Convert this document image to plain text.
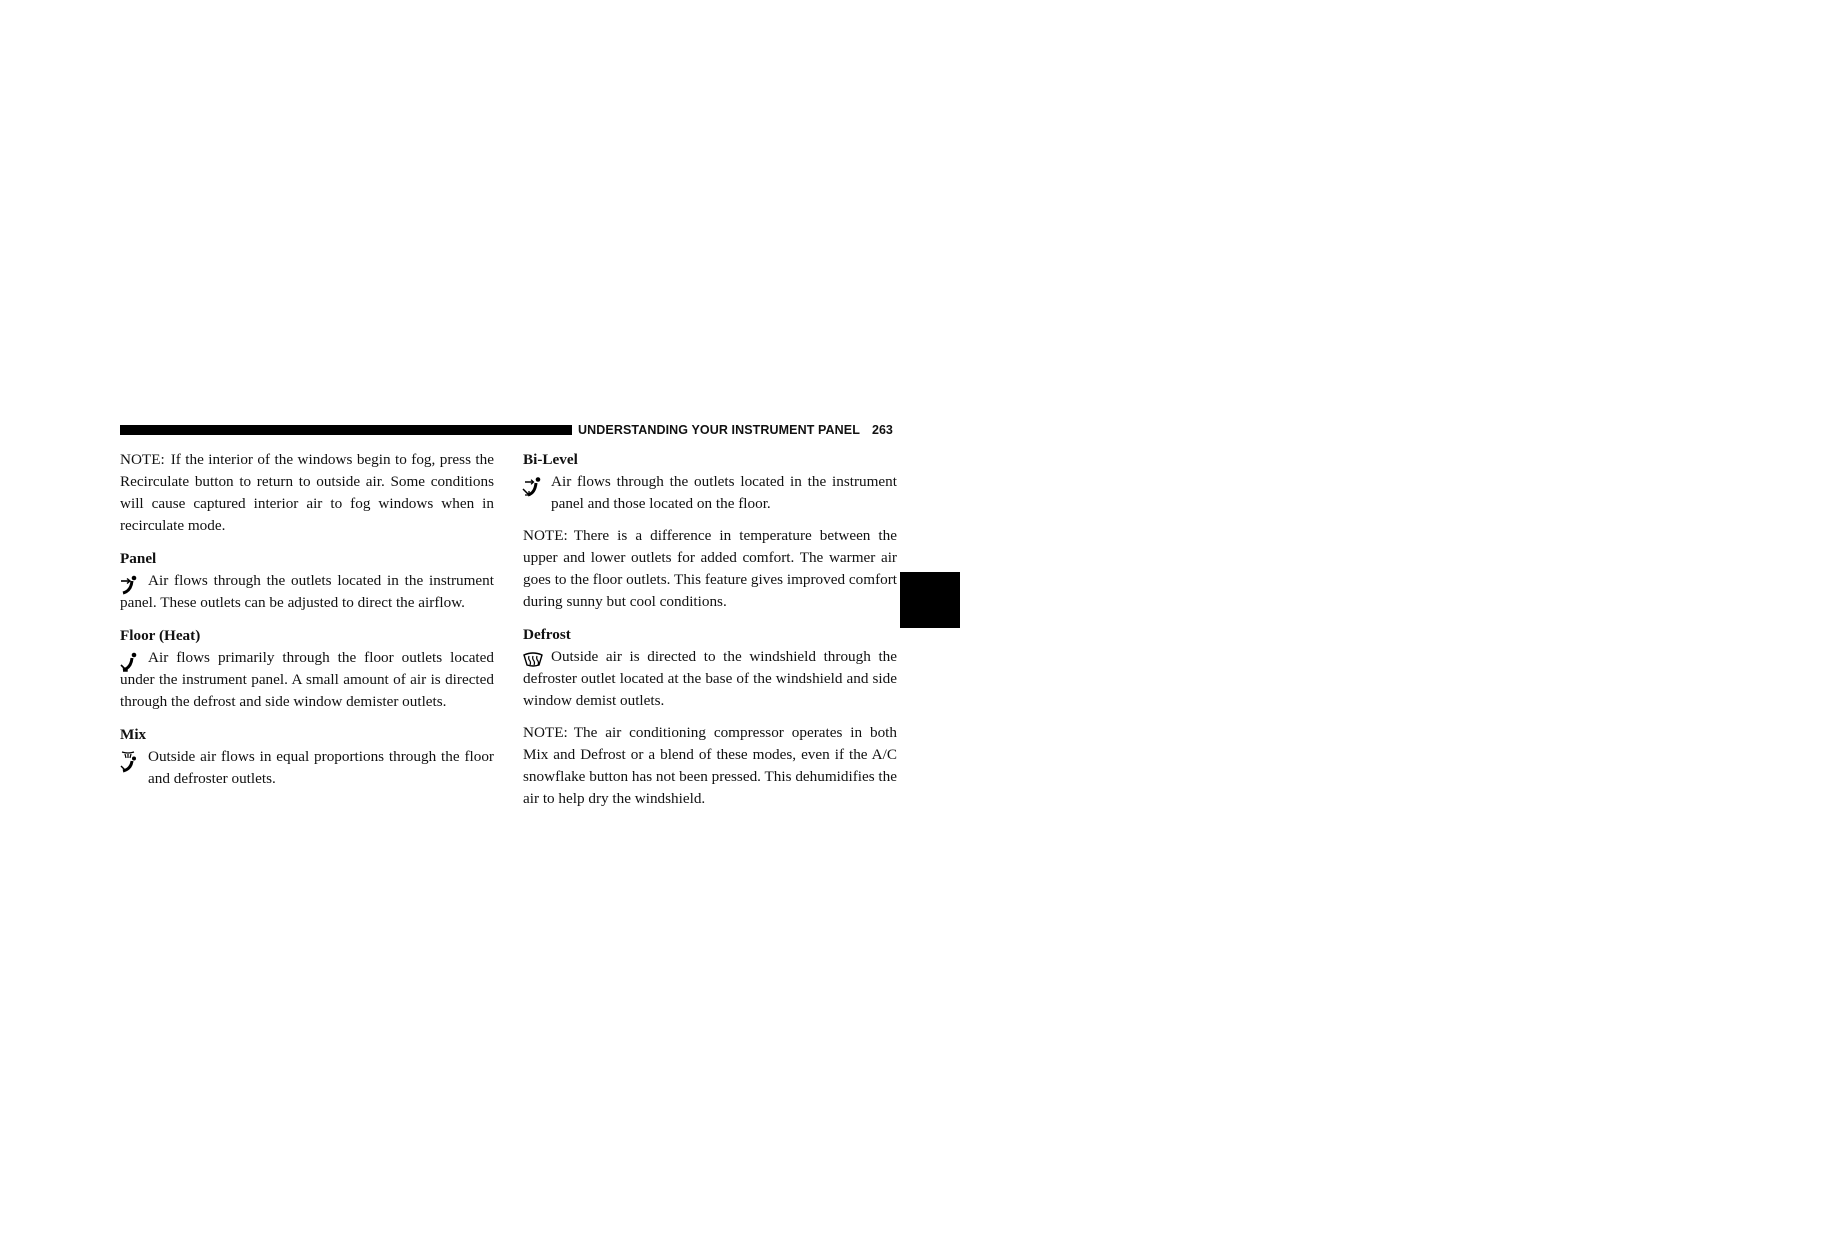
UNDERSTANDING YOUR INSTRUMENT PANEL 263
4

NOTE: If the interior of the windows begin to fog, press the Recirculate button to return to outside air. Some conditions will cause captured interior air to fog windows when in recirculate mode.

Panel

Air flows through the outlets located in the instrument panel. These outlets can be adjusted to direct the airflow.

Floor (Heat)

Air flows primarily through the floor outlets located under the instrument panel. A small amount of air is directed through the defrost and side window demister outlets.

Mix

Outside air flows in equal proportions through the floor and defroster outlets.

Bi-Level

Air flows through the outlets located in the instrument panel and those located on the floor.

NOTE: There is a difference in temperature between the upper and lower outlets for added comfort. The warmer air goes to the floor outlets. This feature gives improved comfort during sunny but cool conditions.

Defrost

Outside air is directed to the windshield through the defroster outlet located at the base of the windshield and side window demist outlets.

NOTE: The air conditioning compressor operates in both Mix and Defrost or a blend of these modes, even if the A/C snowflake button has not been pressed. This dehumidifies the air to help dry the windshield.
